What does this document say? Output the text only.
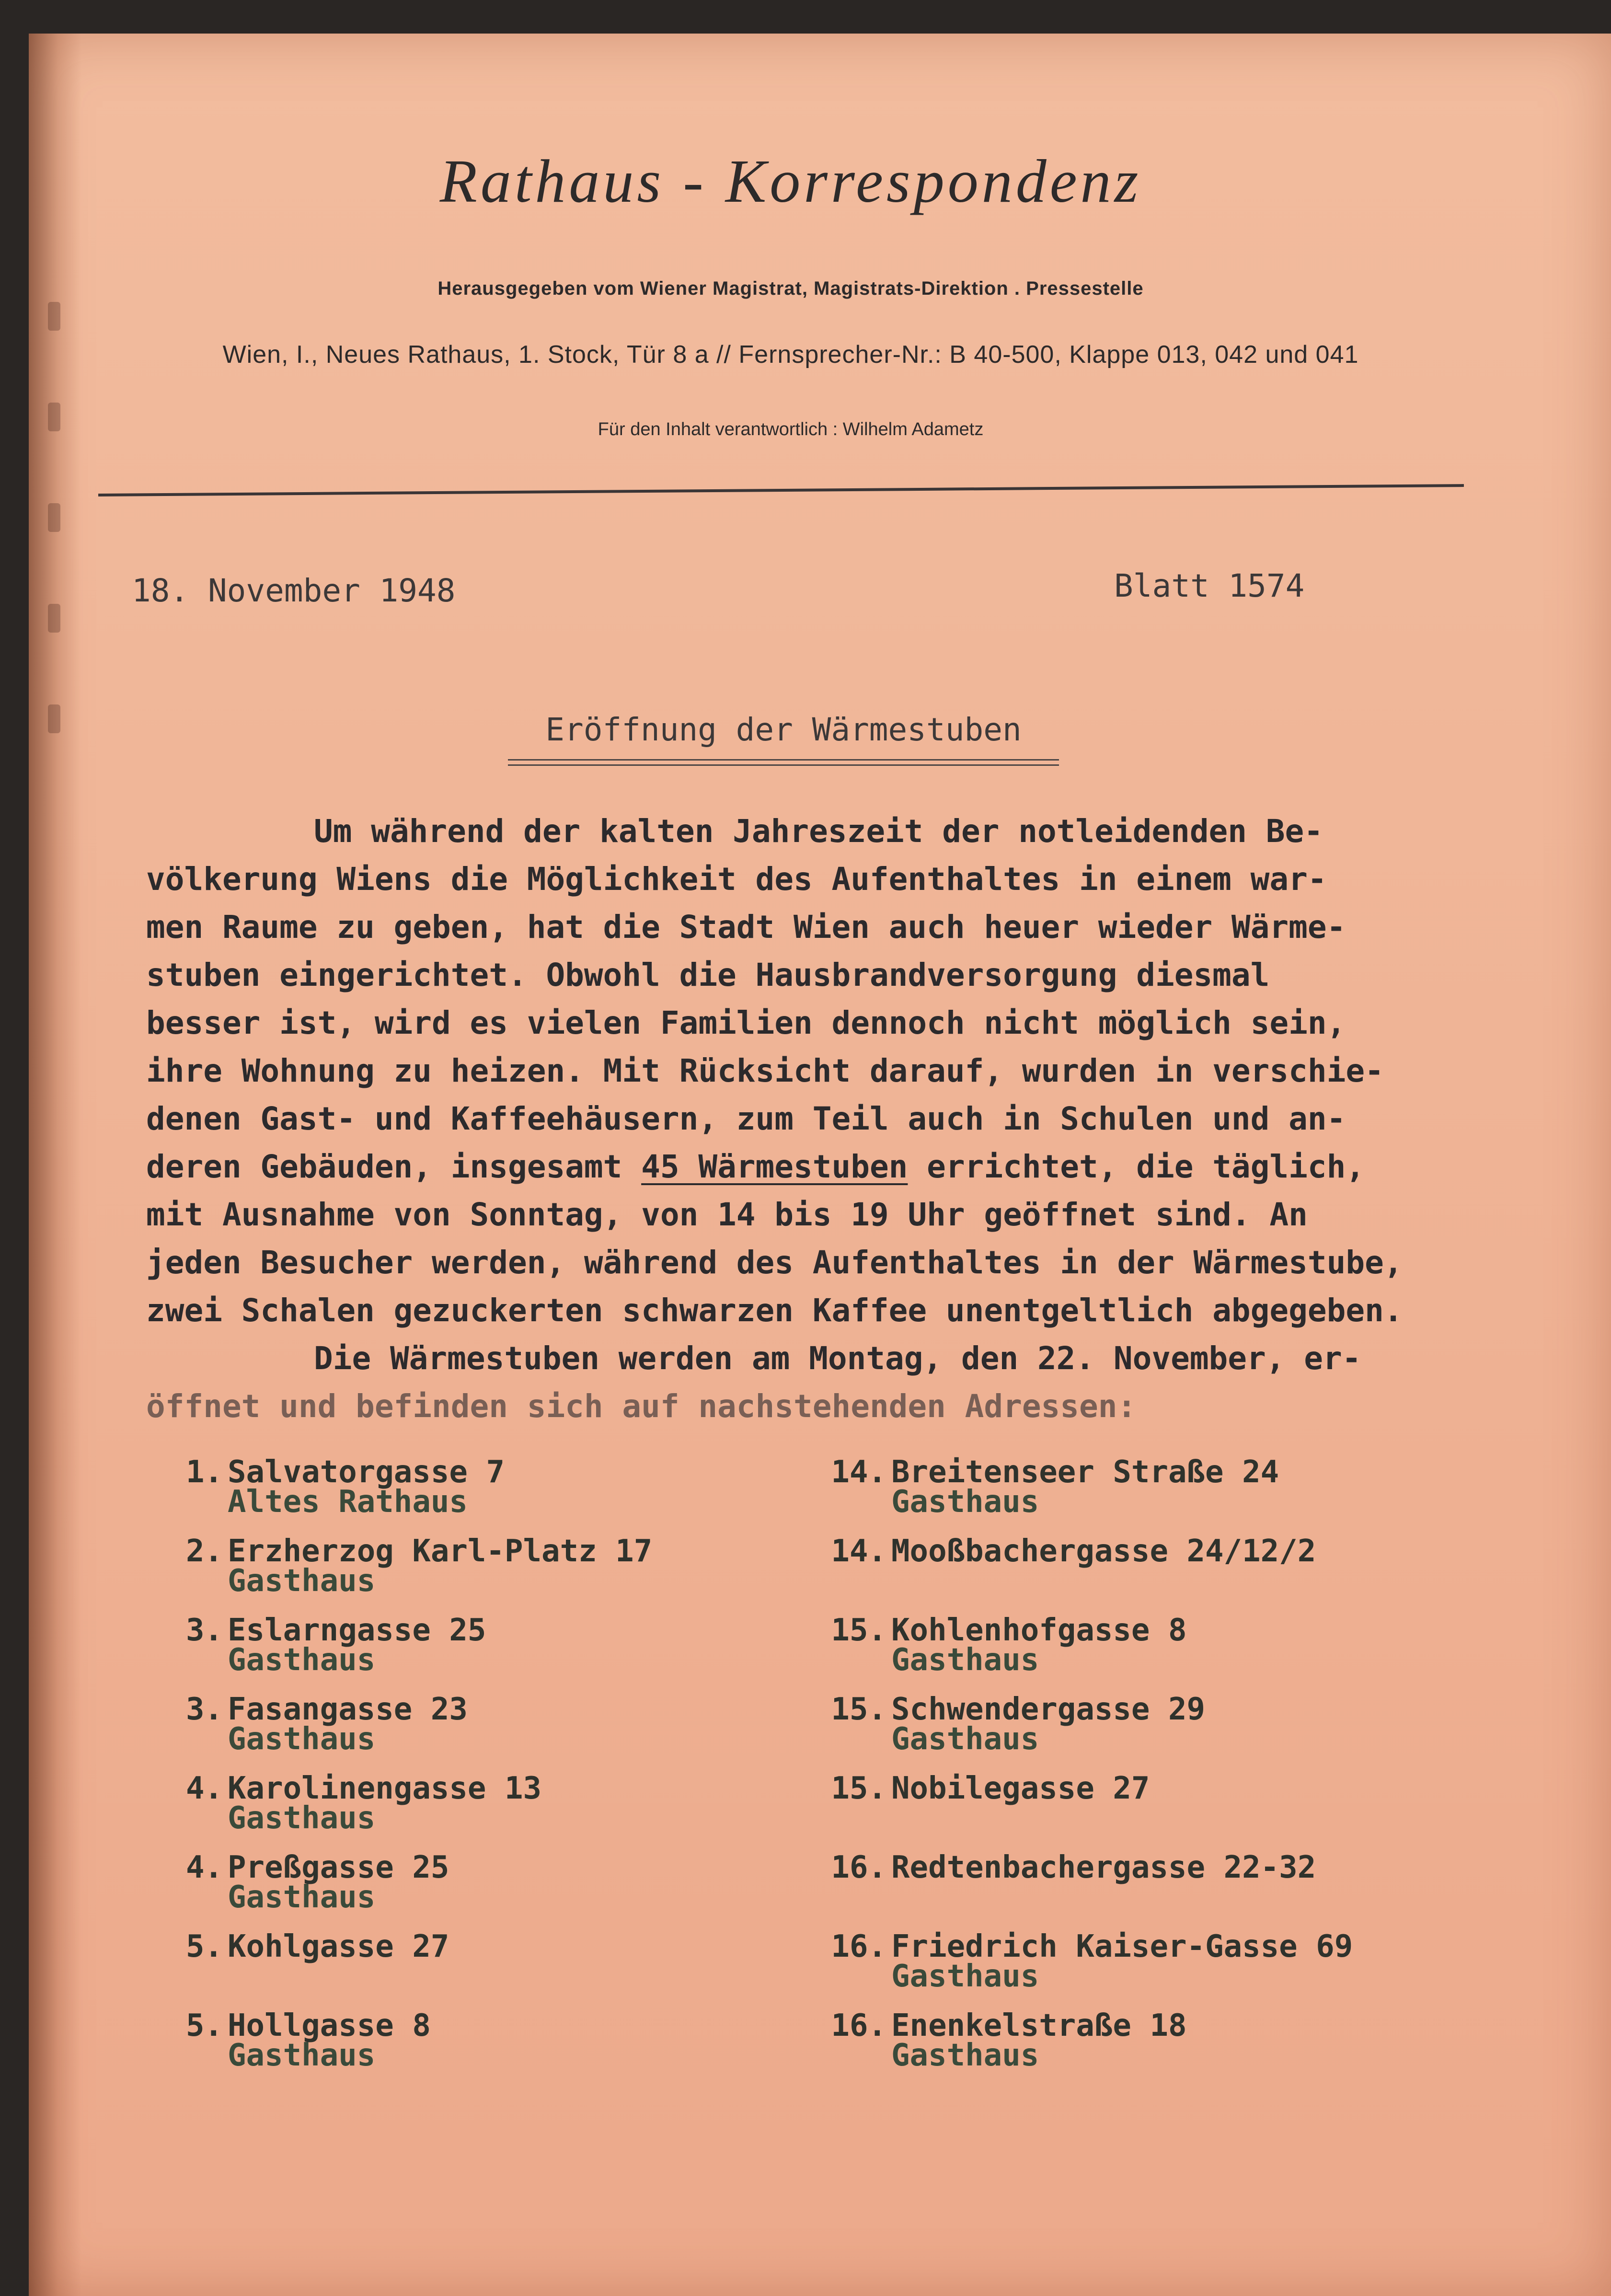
Rathaus - Korrespondenz
Herausgegeben vom Wiener Magistrat, Magistrats-Direktion . Pressestelle
Wien, I., Neues Rathaus, 1. Stock, Tür 8 a // Fernsprecher-Nr.: B 40-500, Klappe 013, 042 und 041
Für den Inhalt verantwortlich : Wilhelm Adametz
18. November 1948	Blatt 1574
Eröffnung der Wärmestuben
Um während der kalten Jahreszeit der notleidenden Be-
völkerung Wiens die Möglichkeit des Aufenthaltes in einem war-
men Raume zu geben, hat die Stadt Wien auch heuer wieder Wärme-
stuben eingerichtet. Obwohl die Hausbrandversorgung diesmal
besser ist, wird es vielen Familien dennoch nicht möglich sein,
ihre Wohnung zu heizen. Mit Rücksicht darauf, wurden in verschie-
denen Gast- und Kaffeehäusern, zum Teil auch in Schulen und an-
deren Gebäuden, insgesamt 45 Wärmestuben errichtet, die täglich,
mit Ausnahme von Sonntag, von 14 bis 19 Uhr geöffnet sind. An
jeden Besucher werden, während des Aufenthaltes in der Wärmestube,
zwei Schalen gezuckerten schwarzen Kaffee unentgeltlich abgegeben.
Die Wärmestuben werden am Montag, den 22. November, er-
öffnet und befinden sich auf nachstehenden Adressen:
1. Salvatorgasse 7
Altes Rathaus
2. Erzherzog Karl-Platz 17
Gasthaus
3. Eslarngasse 25
Gasthaus
3. Fasangasse 23
Gasthaus
4. Karolinengasse 13
Gasthaus
4. Preßgasse 25
Gasthaus
5. Kohlgasse 27
5. Hollgasse 8
Gasthaus
14. Breitenseer Straße 24
Gasthaus
14. Mooßbachergasse 24/12/2
15. Kohlenhofgasse 8
Gasthaus
15. Schwendergasse 29
Gasthaus
15. Nobilegasse 27
16. Redtenbachergasse 22-32
16. Friedrich Kaiser-Gasse 69
Gasthaus
16. Enenkelstraße 18
Gasthaus
